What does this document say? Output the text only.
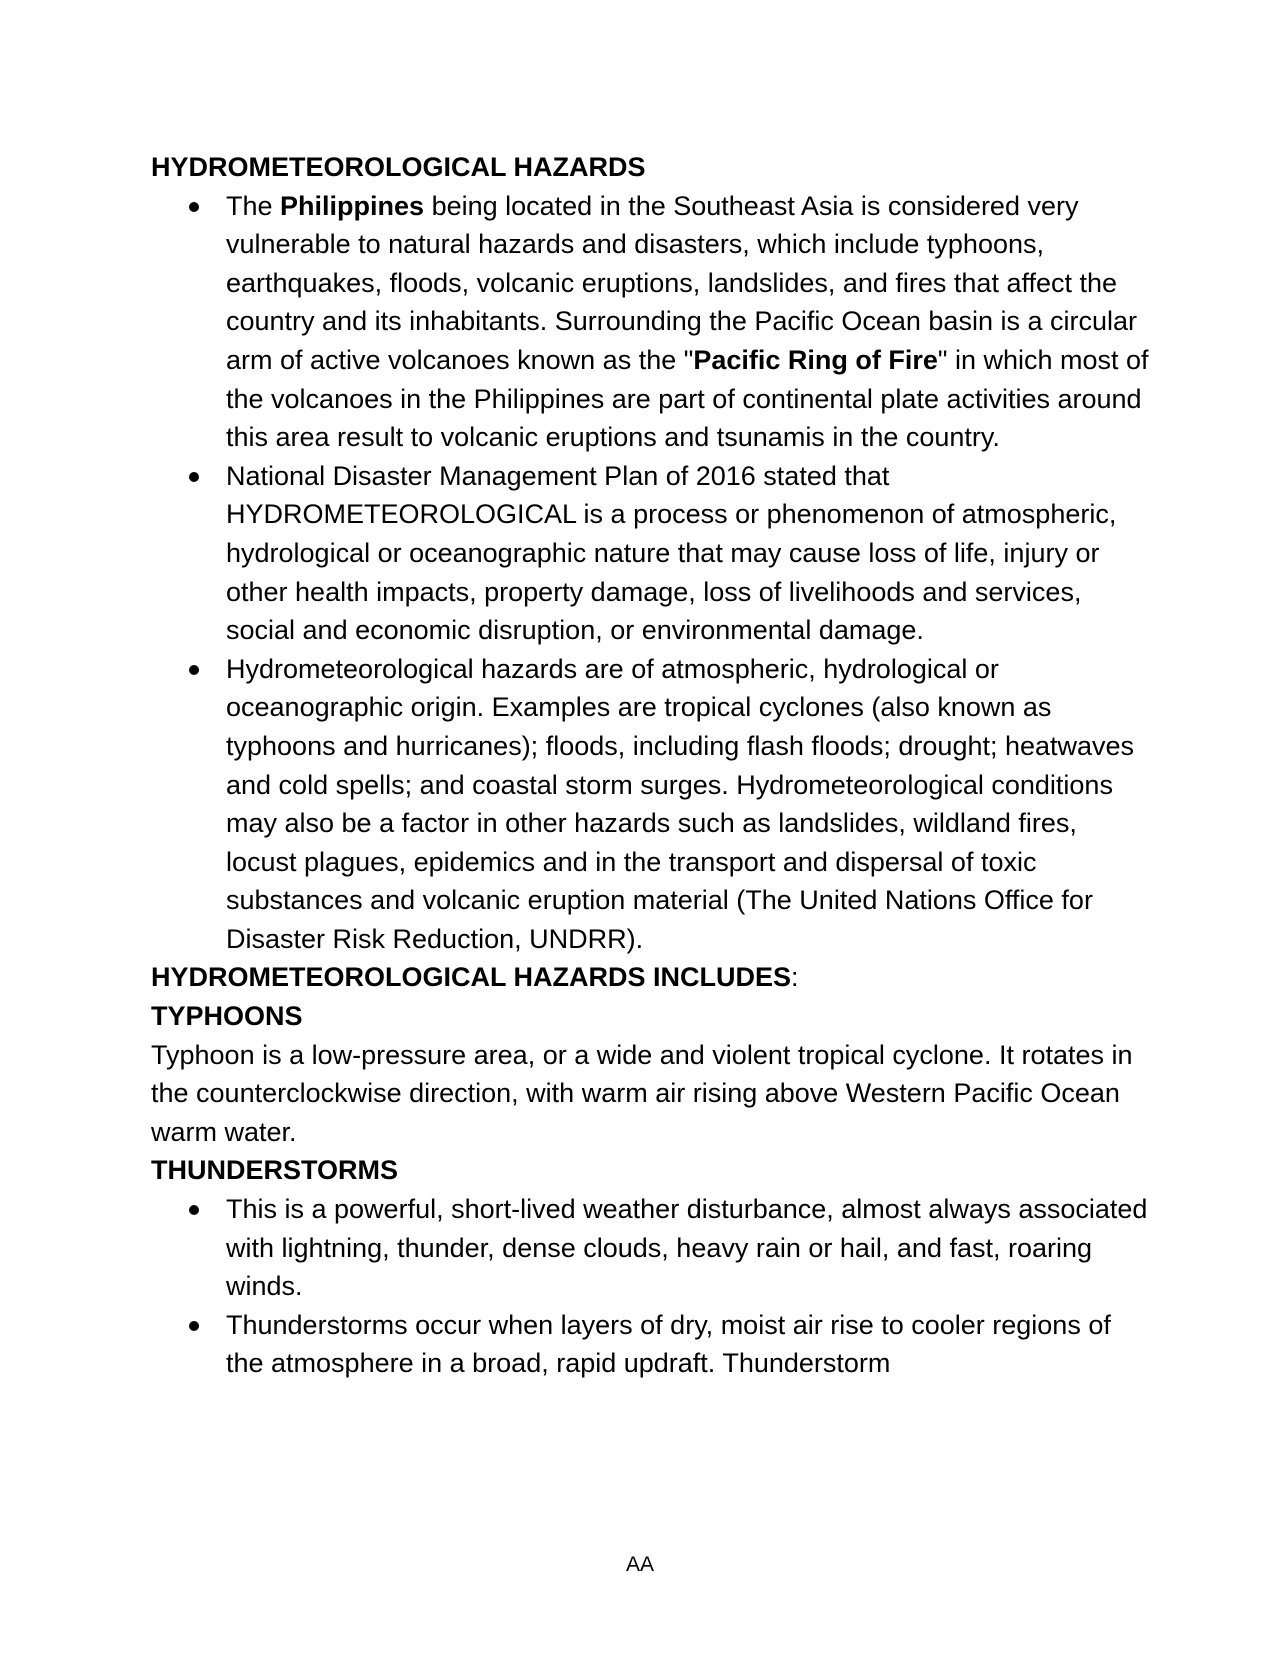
HYDROMETEOROLOGICAL HAZARDS

The Philippines being located in the Southeast Asia is considered very vulnerable to natural hazards and disasters, which include typhoons, earthquakes, floods, volcanic eruptions, landslides, and fires that affect the country and its inhabitants. Surrounding the Pacific Ocean basin is a circular arm of active volcanoes known as the "Pacific Ring of Fire" in which most of the volcanoes in the Philippines are part of continental plate activities around this area result to volcanic eruptions and tsunamis in the country.
National Disaster Management Plan of 2016 stated that HYDROMETEOROLOGICAL is a process or phenomenon of atmospheric, hydrological or oceanographic nature that may cause loss of life, injury or other health impacts, property damage, loss of livelihoods and services, social and economic disruption, or environmental damage.
Hydrometeorological hazards are of atmospheric, hydrological or oceanographic origin. Examples are tropical cyclones (also known as typhoons and hurricanes); floods, including flash floods; drought; heatwaves and cold spells; and coastal storm surges. Hydrometeorological conditions may also be a factor in other hazards such as landslides, wildland fires, locust plagues, epidemics and in the transport and dispersal of toxic substances and volcanic eruption material (The United Nations Office for Disaster Risk Reduction, UNDRR).

HYDROMETEOROLOGICAL HAZARDS INCLUDES:

TYPHOONS

Typhoon is a low-pressure area, or a wide and violent tropical cyclone. It rotates in the counterclockwise direction, with warm air rising above Western Pacific Ocean warm water.

THUNDERSTORMS

This is a powerful, short-lived weather disturbance, almost always associated with lightning, thunder, dense clouds, heavy rain or hail, and fast, roaring winds.
Thunderstorms occur when layers of dry, moist air rise to cooler regions of the atmosphere in a broad, rapid updraft. Thunderstorm
AA
